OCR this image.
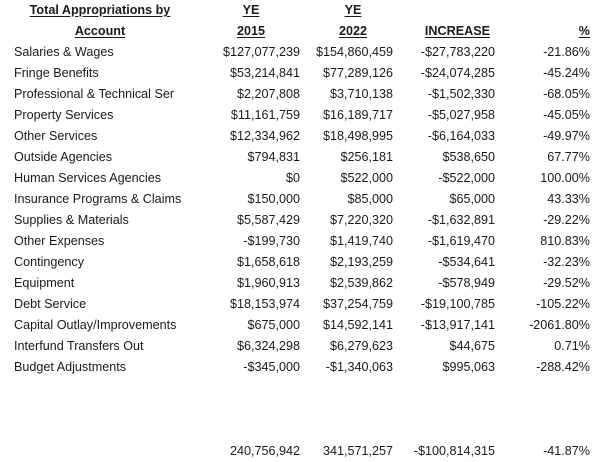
Total Appropriations by	YE	YE		
Account	2015	2022	INCREASE	%
Salaries & Wages	$127,077,239	$154,860,459	-$27,783,220	-21.86%
Fringe Benefits	$53,214,841	$77,289,126	-$24,074,285	-45.24%
Professional & Technical Ser	$2,207,808	$3,710,138	-$1,502,330	-68.05%
Property Services	$11,161,759	$16,189,717	-$5,027,958	-45.05%
Other Services	$12,334,962	$18,498,995	-$6,164,033	-49.97%
Outside Agencies	$794,831	$256,181	$538,650	67.77%
Human Services Agencies	$0	$522,000	-$522,000	100.00%
Insurance Programs & Claims	$150,000	$85,000	$65,000	43.33%
Supplies & Materials	$5,587,429	$7,220,320	-$1,632,891	-29.22%
Other Expenses	-$199,730	$1,419,740	-$1,619,470	810.83%
Contingency	$1,658,618	$2,193,259	-$534,641	-32.23%
Equipment	$1,960,913	$2,539,862	-$578,949	-29.52%
Debt Service	$18,153,974	$37,254,759	-$19,100,785	-105.22%
Capital Outlay/Improvements	$675,000	$14,592,141	-$13,917,141	-2061.80%
Interfund Transfers Out	$6,324,298	$6,279,623	$44,675	0.71%
Budget Adjustments	-$345,000	-$1,340,063	$995,063	-288.42%

	240,756,942	341,571,257	-$100,814,315	-41.87%
